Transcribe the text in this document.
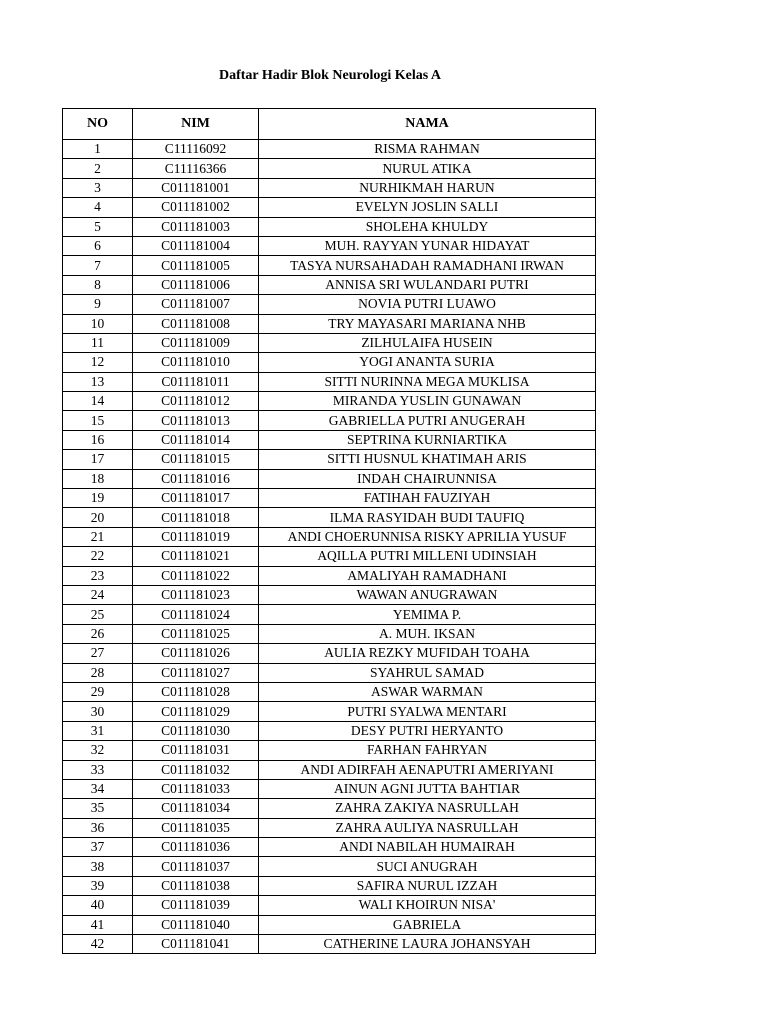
Daftar Hadir Blok Neurologi Kelas A
NO	NIM	NAMA
1	C11116092	RISMA RAHMAN
2	C11116366	NURUL ATIKA
3	C011181001	NURHIKMAH HARUN
4	C011181002	EVELYN JOSLIN SALLI
5	C011181003	SHOLEHA KHULDY
6	C011181004	MUH. RAYYAN YUNAR HIDAYAT
7	C011181005	TASYA NURSAHADAH RAMADHANI IRWAN
8	C011181006	ANNISA SRI WULANDARI PUTRI
9	C011181007	NOVIA PUTRI LUAWO
10	C011181008	TRY MAYASARI MARIANA NHB
11	C011181009	ZILHULAIFA HUSEIN
12	C011181010	YOGI ANANTA SURIA
13	C011181011	SITTI NURINNA MEGA MUKLISA
14	C011181012	MIRANDA YUSLIN GUNAWAN
15	C011181013	GABRIELLA PUTRI ANUGERAH
16	C011181014	SEPTRINA KURNIARTIKA
17	C011181015	SITTI HUSNUL KHATIMAH ARIS
18	C011181016	INDAH CHAIRUNNISA
19	C011181017	FATIHAH FAUZIYAH
20	C011181018	ILMA RASYIDAH BUDI TAUFIQ
21	C011181019	ANDI CHOERUNNISA RISKY APRILIA YUSUF
22	C011181021	AQILLA PUTRI MILLENI UDINSIAH
23	C011181022	AMALIYAH RAMADHANI
24	C011181023	WAWAN ANUGRAWAN
25	C011181024	YEMIMA P.
26	C011181025	A. MUH. IKSAN
27	C011181026	AULIA REZKY MUFIDAH TOAHA
28	C011181027	SYAHRUL SAMAD
29	C011181028	ASWAR WARMAN
30	C011181029	PUTRI SYALWA MENTARI
31	C011181030	DESY PUTRI HERYANTO
32	C011181031	FARHAN FAHRYAN
33	C011181032	ANDI ADIRFAH AENAPUTRI AMERIYANI
34	C011181033	AINUN AGNI JUTTA BAHTIAR
35	C011181034	ZAHRA ZAKIYA NASRULLAH
36	C011181035	ZAHRA AULIYA NASRULLAH
37	C011181036	ANDI NABILAH HUMAIRAH
38	C011181037	SUCI ANUGRAH
39	C011181038	SAFIRA NURUL IZZAH
40	C011181039	WALI KHOIRUN NISA'
41	C011181040	GABRIELA
42	C011181041	CATHERINE LAURA JOHANSYAH
